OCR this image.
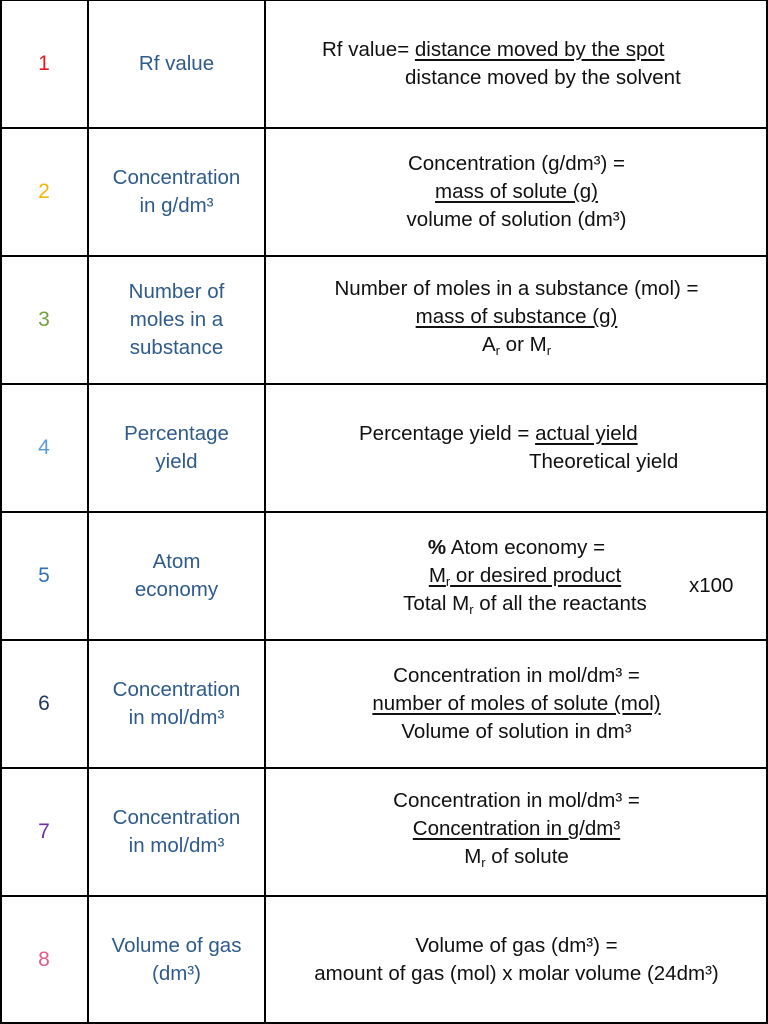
1	Rf value
Rf value= distance moved by the spot
distance moved by the solvent
2
Concentration
in g/dm³
Concentration (g/dm³) =
mass of solute (g)
volume of solution (dm³)
3
Number of
moles in a
substance
Number of moles in a substance (mol) =
mass of substance (g)
$A_r$ or $M_r$
4
Percentage
yield
Percentage yield = actual yield
Theoretical yield
5
Atom
economy
% Atom economy =
$M_r$ or desired product
Total $M_r$ of all the reactants
x100
6
Concentration
in mol/dm³
Concentration in mol/dm³ =
number of moles of solute (mol)
Volume of solution in dm³
7
Concentration
in mol/dm³
Concentration in mol/dm³ =
Concentration in g/dm³
$M_r$ of solute
8
Volume of gas
(dm³)
Volume of gas (dm³) =
amount of gas (mol) x molar volume (24dm³)
